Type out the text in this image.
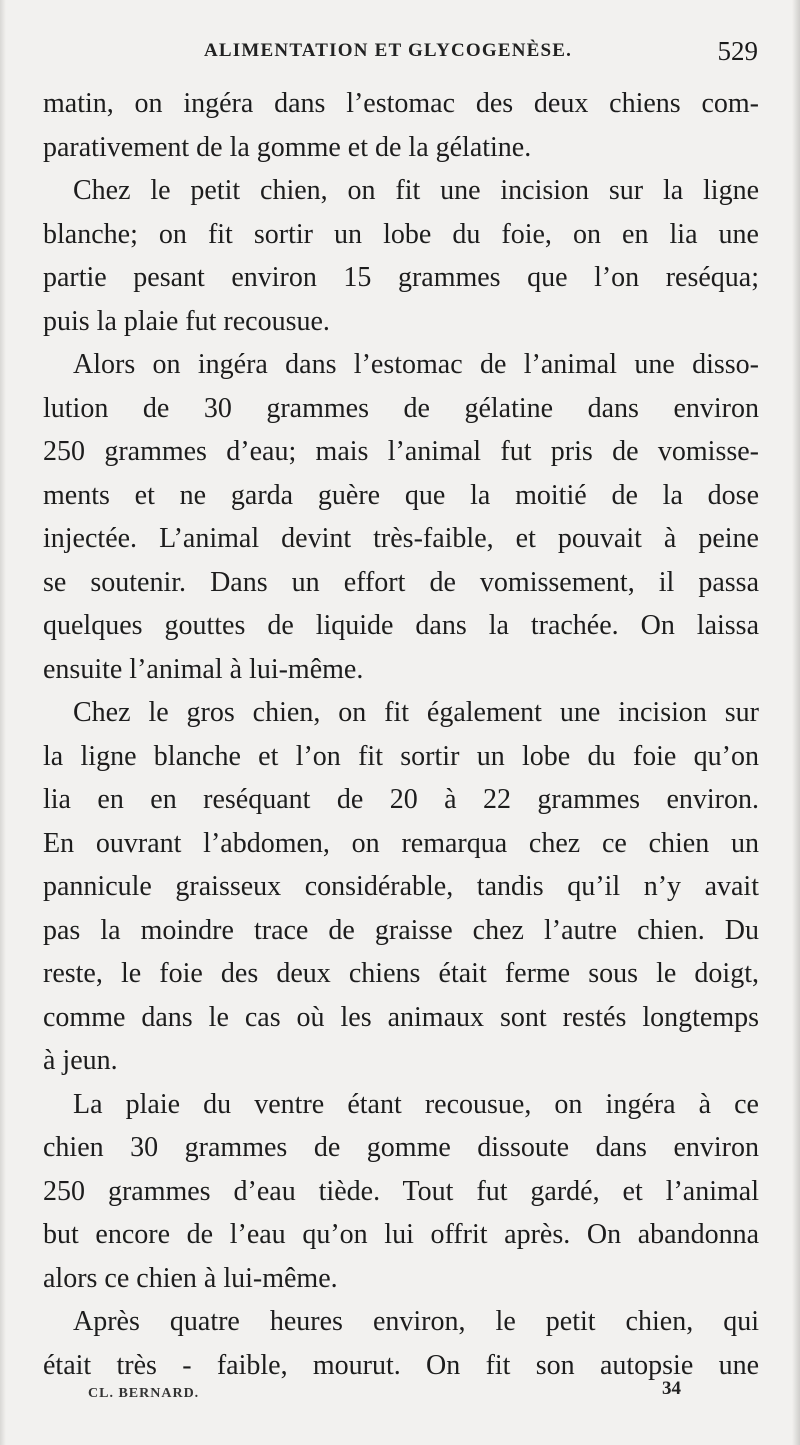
ALIMENTATION ET GLYCOGENÈSE.	529
matin, on ingéra dans l’estomac des deux chiens com-
parativement de la gomme et de la gélatine.
Chez le petit chien, on fit une incision sur la ligne
blanche; on fit sortir un lobe du foie, on en lia une
partie pesant environ 15 grammes que l’on reséqua;
puis la plaie fut recousue.
Alors on ingéra dans l’estomac de l’animal une disso-
lution de 30 grammes de gélatine dans environ
250 grammes d’eau; mais l’animal fut pris de vomisse-
ments et ne garda guère que la moitié de la dose
injectée. L’animal devint très-faible, et pouvait à peine
se soutenir. Dans un effort de vomissement, il passa
quelques gouttes de liquide dans la trachée. On laissa
ensuite l’animal à lui-même.
Chez le gros chien, on fit également une incision sur
la ligne blanche et l’on fit sortir un lobe du foie qu’on
lia en en reséquant de 20 à 22 grammes environ.
En ouvrant l’abdomen, on remarqua chez ce chien un
pannicule graisseux considérable, tandis qu’il n’y avait
pas la moindre trace de graisse chez l’autre chien. Du
reste, le foie des deux chiens était ferme sous le doigt,
comme dans le cas où les animaux sont restés longtemps
à jeun.
La plaie du ventre étant recousue, on ingéra à ce
chien 30 grammes de gomme dissoute dans environ
250 grammes d’eau tiède. Tout fut gardé, et l’animal
but encore de l’eau qu’on lui offrit après. On abandonna
alors ce chien à lui-même.
Après quatre heures environ, le petit chien, qui
était très - faible, mourut. On fit son autopsie une
CL. BERNARD.	34
